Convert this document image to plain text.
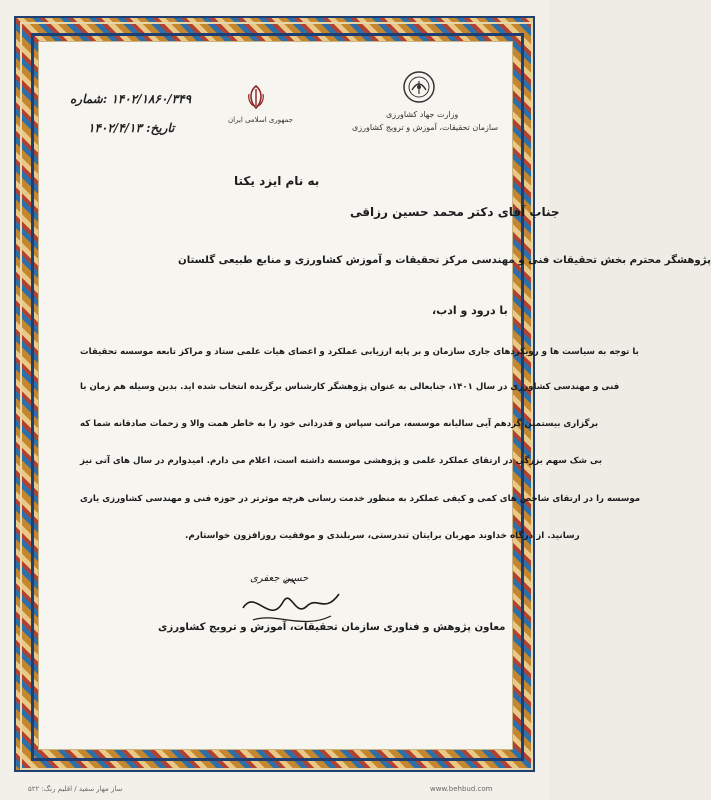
۱۴۰۲/۱۸۶۰/۳۴۹ :شماره
تاریخ: ۱۴۰۲/۴/۱۳
جمهوری اسلامی ایران
وزارت جهاد کشاورزی
سازمان تحقیقات، آموزش و ترویج کشاورزی
به نام ایزد یکتا
جناب آقای دکتر محمد حسین رزاقی
پژوهشگر محترم بخش تحقیقات فنی و مهندسی مرکز تحقیقات و آموزش کشاورزی و منابع طبیعی گلستان
با درود و ادب،
با توجه به سیاست ها و رویکردهای جاری سازمان و بر پایه ارزیابی عملکرد و اعضای هیات علمی ستاد و مراکز تابعه موسسه تحقیقات
فنی و مهندسی کشاورزی در سال ۱۴۰۱، جنابعالی به عنوان پژوهشگر کارشناس برگزیده انتخاب شده اید. بدین وسیله هم زمان با
برگزاری بیستمین گردهم آیی سالیانه موسسه، مراتب سپاس و قدردانی خود را به خاطر همت والا و زحمات صادقانه شما که
بی شک سهم بزرگی در ارتقای عملکرد علمی و پژوهشی موسسه داشته است، اعلام می دارم. امیدوارم در سال های آتی نیز
موسسه را در ارتقای شاخص های کمی و کیفی عملکرد به منظور خدمت رسانی هرچه موثرتر در حوزه فنی و مهندسی کشاورزی یاری
رسانید. از درگاه خداوند مهربان برایتان تندرستی، سربلندی و موفقیت روزافزون خواستارم.
حسین جعفری
معاون پژوهش و فناوری سازمان تحقیقات، آموزش و ترویج کشاورزی
www.behbud.com
ساز مهار سفید / اقلیم رنگ: ۵۲۲
